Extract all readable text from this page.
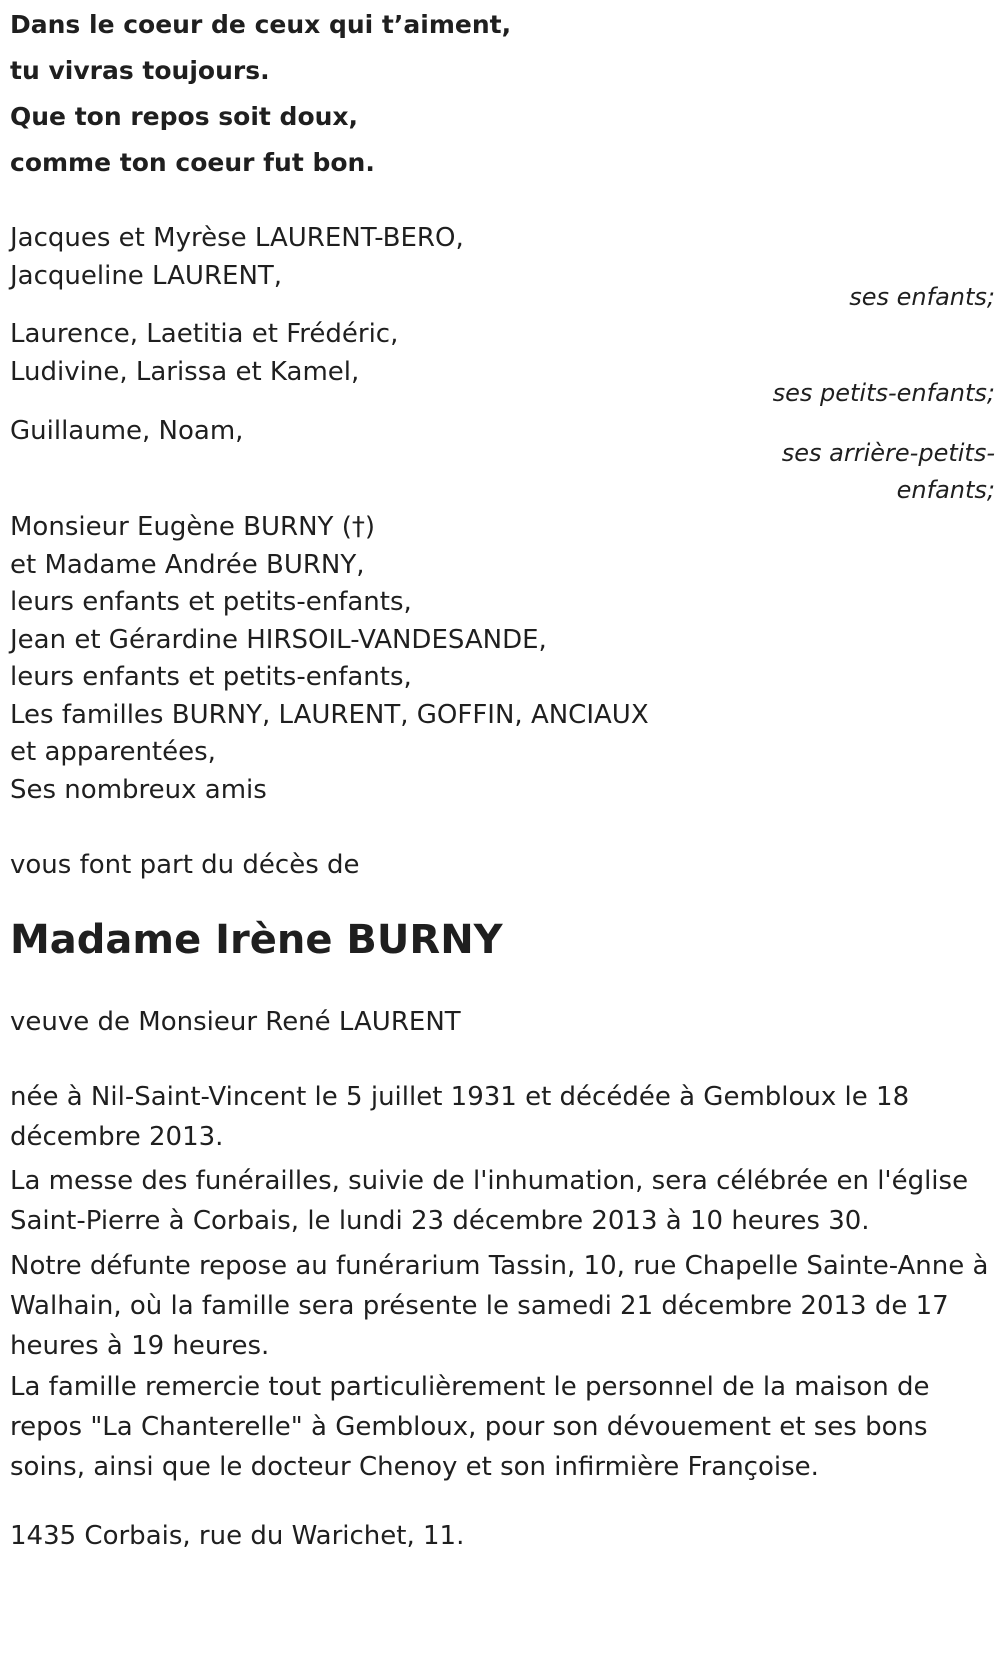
Dans le coeur de ceux qui t’aiment,
tu vivras toujours.
Que ton repos soit doux,
comme ton coeur fut bon.
Jacques et Myrèse LAURENT-BERO,
Jacqueline LAURENT,
ses enfants;
Laurence, Laetitia et Frédéric,
Ludivine, Larissa et Kamel,
ses petits-enfants;
Guillaume, Noam,
ses arrière-petits-
enfants;
Monsieur Eugène BURNY (†)
et Madame Andrée BURNY,
leurs enfants et petits-enfants,
Jean et Gérardine HIRSOIL-VANDESANDE,
leurs enfants et petits-enfants,
Les familles BURNY, LAURENT, GOFFIN, ANCIAUX
et apparentées,
Ses nombreux amis
vous font part du décès de
Madame Irène BURNY
veuve de Monsieur René LAURENT
née à Nil-Saint-Vincent le 5 juillet 1931 et décédée à Gembloux le 18 décembre 2013.
La messe des funérailles, suivie de l'inhumation, sera célébrée en l'église Saint-Pierre à Corbais, le lundi 23 décembre 2013 à 10 heures 30.
Notre défunte repose au funérarium Tassin, 10, rue Chapelle Sainte-Anne à Walhain, où la famille sera présente le samedi 21 décembre 2013 de 17 heures à 19 heures.
La famille remercie tout particulièrement le personnel de la maison de repos "La Chanterelle" à Gembloux, pour son dévouement et ses bons soins, ainsi que le docteur Chenoy et son infirmière Françoise.
1435 Corbais, rue du Warichet, 11.
